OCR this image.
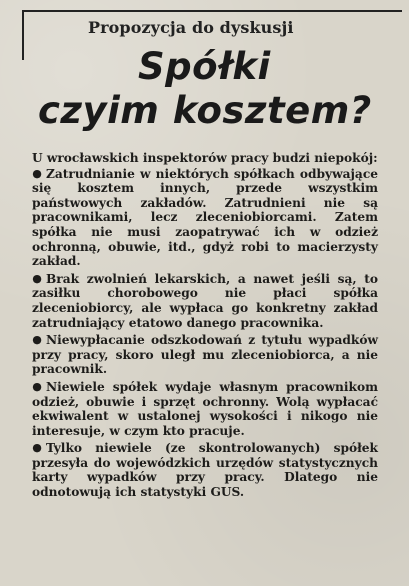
Propozycja do dyskusji
Spółki
czyim kosztem?

U wrocławskich inspektorów pracy budzi niepokój:

● Zatrudnianie w niektórych spółkach odbywające się kosztem innych, przede wszystkim państwowych zakładów. Zatrudnieni nie są pracownikami, lecz zleceniobiorcami. Zatem spółka nie musi zaopatrywać ich w odzież ochronną, obuwie, itd., gdyż robi to macierzysty zakład.

● Brak zwolnień lekarskich, a nawet jeśli są, to zasiłku chorobowego nie płaci spółka zleceniobiorcy, ale wypłaca go konkretny zakład zatrudniający etatowo danego pracownika.

● Niewypłacanie odszkodowań z tytułu wypadków przy pracy, skoro uległ mu zleceniobiorca, a nie pracownik.

● Niewiele spółek wydaje własnym pracownikom odzież, obuwie i sprzęt ochronny. Wolą wypłacać ekwiwalent w ustalonej wysokości i nikogo nie interesuje, w czym kto pracuje.

● Tylko niewiele (ze skontrolowanych) spółek przesyła do wojewódzkich urzędów statystycznych karty wypadków przy pracy. Dlatego nie odnotowują ich statystyki GUS.
